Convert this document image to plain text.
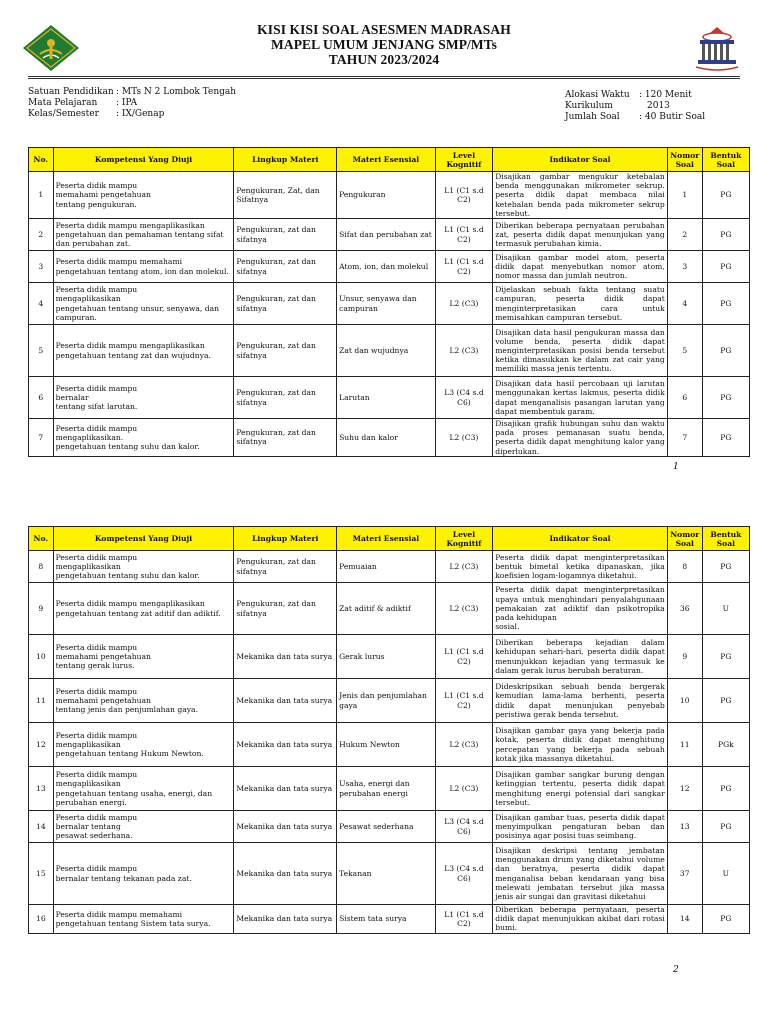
KISI KISI SOAL ASESMEN MADRASAH
MAPEL UMUM JENJANG SMP/MTs
TAHUN 2023/2024
Satuan Pendidikan : MTs N 2 Lombok Tengah
Mata Pelajaran	: IPA
Kelas/Semester	: IX/Genap
Alokasi Waktu	: 120 Menit
Kurikulum	2013
Jumlah Soal	: 40 Butir Soal
No.	Kompetensi Yang Diuji	Lingkup Materi	Materi Esensial	Level Kognitif	Indikator Soal	Nomor Soal	Bentuk Soal
1	Peserta didik mampu
memahami pengetahuan
tentang pengukuran.	Pengukuran, Zat, dan Sifatnya	Pengukuran	L1 (C1 s.d C2)	Disajikan gambar mengukur ketebalan benda menggunakan mikrometer sekrup. peserta didik dapat membaca nilai ketebalan benda pada mikrometer sekrup tersebut.	1	PG
2	Peserta didik mampu mengaplikasikan pengetahuan dan pemahaman tentang sifat dan perubahan zat.	Pengukuran, zat dan sifatnya	Sifat dan perubahan zat	L1 (C1 s.d C2)	Diberikan beberapa pernyataan perubahan zat, peserta didik dapat menunjukan yang termasuk perubahan kimia.	2	PG
3	Peserta didik mampu memahami pengetahuan tentang atom, ion dan molekul.	Pengukuran, zat dan sifatnya	Atom, ion, dan molekul	L1 (C1 s.d C2)	Disajikan gambar model atom, peserta didik dapat menyebutkan nomor atom, nomor massa dan jumlah neutron.	3	PG
4	Peserta didik mampu
mengaplikasikan
pengetahuan tentang unsur, senyawa, dan campuran.	Pengukuran, zat dan sifatnya	Unsur, senyawa dan campuran	L2 (C3)	Dijelaskan sebuah fakta tentang suatu campuran, peserta didik dapat menginterpretasikan cara untuk memisahkan campuran tersebut.	4	PG
5	Peserta didik mampu mengaplikasikan pengetahuan tentang zat dan wujudnya.	Pengukuran, zat dan sifatnya	Zat dan wujudnya	L2 (C3)	Disajikan data hasil pengukuran massa dan volume benda, peserta didik dapat menginterpretasikan posisi benda tersebut ketika dimasukkan ke dalam zat cair yang memiliki massa jenis tertentu.	5	PG
6	Peserta didik mampu
bernalar
tentang sifat larutan.	Pengukuran, zat dan sifatnya	Larutan	L3 (C4 s.d C6)	Disajikan data hasil percobaan uji larutan menggunakan kertas lakmus, peserta didik dapat menganalisis pasangan larutan yang dapat membentuk garam.	6	PG
7	Peserta didik mampu
mengaplikasikan.
pengetahuan tentang suhu dan kalor.	Pengukuran, zat dan sifatnya	Suhu dan kalor	L2 (C3)	Disajikan grafik hubungan suhu dan waktu pada proses pemanasan suatu benda, peserta didik dapat menghitung kalor yang diperlukan.	7	PG
1
No.	Kompetensi Yang Diuji	Lingkup Materi	Materi Esensial	Level Kognitif	Indikator Soal	Nomor Soal	Bentuk Soal
8	Peserta didik mampu
mengaplikasikan
pengetahuan tentang suhu dan kalor.	Pengukuran, zat dan sifatnya	Pemuaian	L2 (C3)	Peserta didik dapat menginterpretasikan bentuk bimetal ketika dipanaskan, jika koefisien logam-logamnya diketahui.	8	PG
9	Peserta didik mampu mengaplikasikan pengetahuan tentang zat aditif dan adiktif.	Pengukuran, zat dan sifatnya	Zat aditif & adiktif	L2 (C3)	Peserta didik dapat menginterpretasikan upaya untuk menghindari penyalahgunaan pemakaian zat adiktif dan psikotropika pada kehidupan
sosial.	36	U
10	Peserta didik mampu
memahami pengetahuan
tentang gerak lurus.	Mekanika dan tata surya	Gerak lurus	L1 (C1 s.d C2)	Diberikan beberapa kejadian dalam kehidupan sehari-hari, peserta didik dapat menunjukkan kejadian yang termasuk ke dalam gerak lurus berubah beraturan.	9	PG
11	Peserta didik mampu
memahami pengetahuan
tentang jenis dan penjumlahan gaya.	Mekanika dan tata surya	Jenis dan penjumlahan gaya	L1 (C1 s.d C2)	Dideskripsikan sebuah benda bergerak kemudian lama-lama berhenti, peserta didik dapat menunjukan penyebab peristiwa gerak benda tersebut.	10	PG
12	Peserta didik mampu
mengaplikasikan
pengetahuan tentang Hukum Newton.	Mekanika dan tata surya	Hukum Newton	L2 (C3)	Disajikan gambar gaya yang bekerja pada kotak, peserta didik dapat menghitung percepatan yang bekerja pada sebuah kotak jika massanya diketahui.	11	PGk
13	Peserta didik mampu
mengaplikasikan
pengetahuan tentang usaha, energi, dan perubahan energi.	Mekanika dan tata surya	Usaha, energi dan perubahan energi	L2 (C3)	Disajikan gambar sangkar burung dengan ketinggian tertentu, peserta didik dapat menghitung energi potensial dari sangkar tersebut.	12	PG
14	Peserta didik mampu
bernalar tentang
pesawat sederhana.	Mekanika dan tata surya	Pesawat sederhana	L3 (C4 s.d C6)	Disajikan gambar tuas, peserta didik dapat menyimpulkan pengaturan beban dan posisinya agar posisi tuas seimbang.	13	PG
15	Peserta didik mampu
bernalar tentang tekanan pada zat.	Mekanika dan tata surya	Tekanan	L3 (C4 s.d C6)	Disajikan deskripsi tentang jembatan menggunakan drum yang diketahui volume dan beratnya, peserta didik dapat menganalisa beban kendaraan yang bisa melewati jembatan tersebut jika massa jenis air sungai dan gravitasi diketahui	37	U
16	Peserta didik mampu memahami pengetahuan tentang Sistem tata surya.	Mekanika dan tata surya	Sistem tata surya	L1 (C1 s.d C2)	Diberikan beberapa pernyataan, peserta didik dapat menunjukkan akibat dari rotasi bumi.	14	PG
2
